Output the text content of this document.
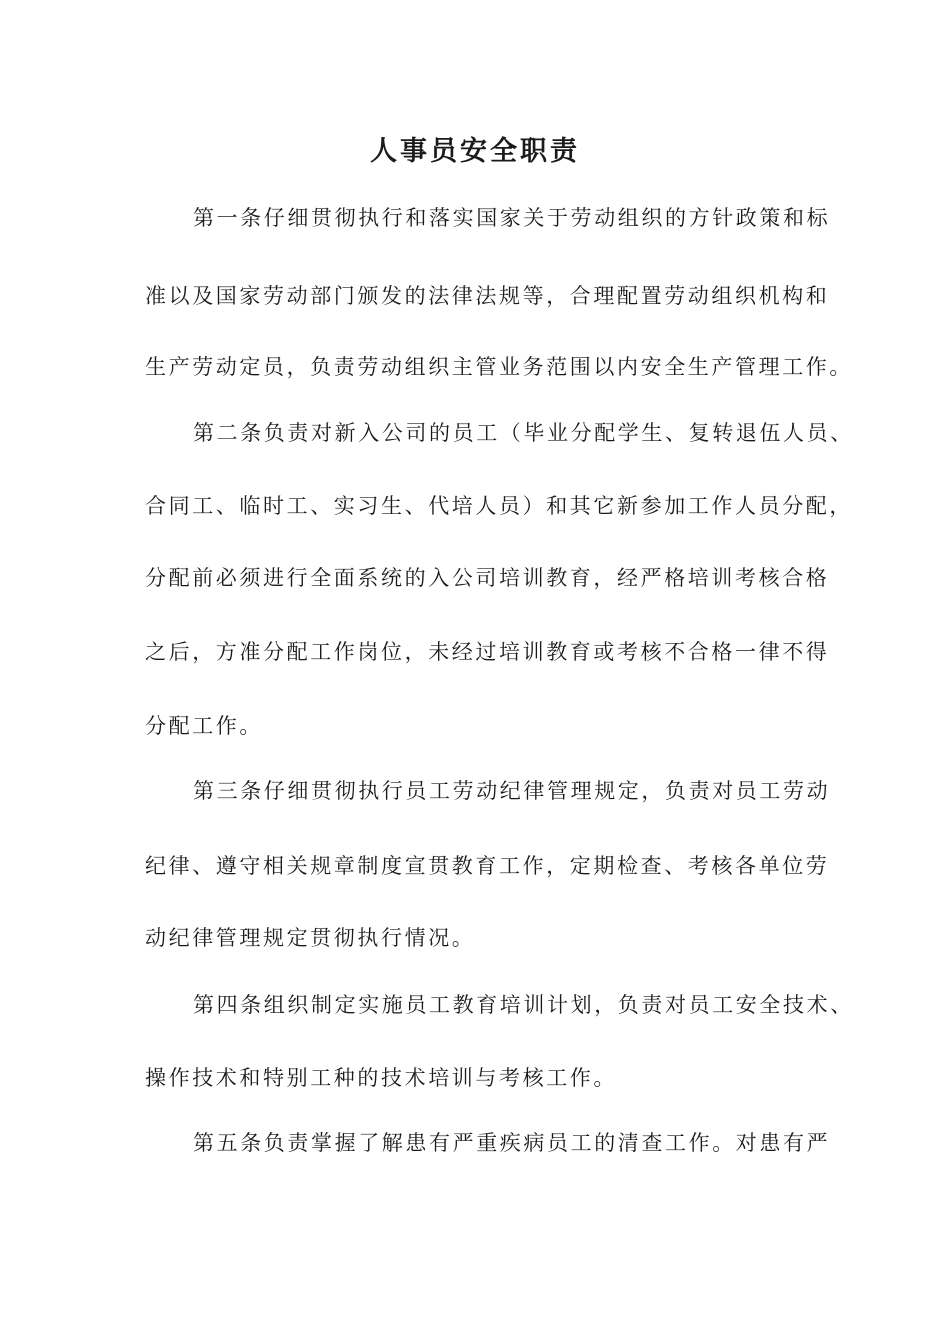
人事员安全职责
第一条仔细贯彻执行和落实国家关于劳动组织的方针政策和标
准以及国家劳动部门颁发的法律法规等，合理配置劳动组织机构和
生产劳动定员，负责劳动组织主管业务范围以内安全生产管理工作。
第二条负责对新入公司的员工（毕业分配学生、复转退伍人员、
合同工、临时工、实习生、代培人员）和其它新参加工作人员分配，
分配前必须进行全面系统的入公司培训教育，经严格培训考核合格
之后，方准分配工作岗位，未经过培训教育或考核不合格一律不得
分配工作。
第三条仔细贯彻执行员工劳动纪律管理规定，负责对员工劳动
纪律、遵守相关规章制度宣贯教育工作，定期检查、考核各单位劳
动纪律管理规定贯彻执行情况。
第四条组织制定实施员工教育培训计划，负责对员工安全技术、
操作技术和特别工种的技术培训与考核工作。
第五条负责掌握了解患有严重疾病员工的清查工作。对患有严
